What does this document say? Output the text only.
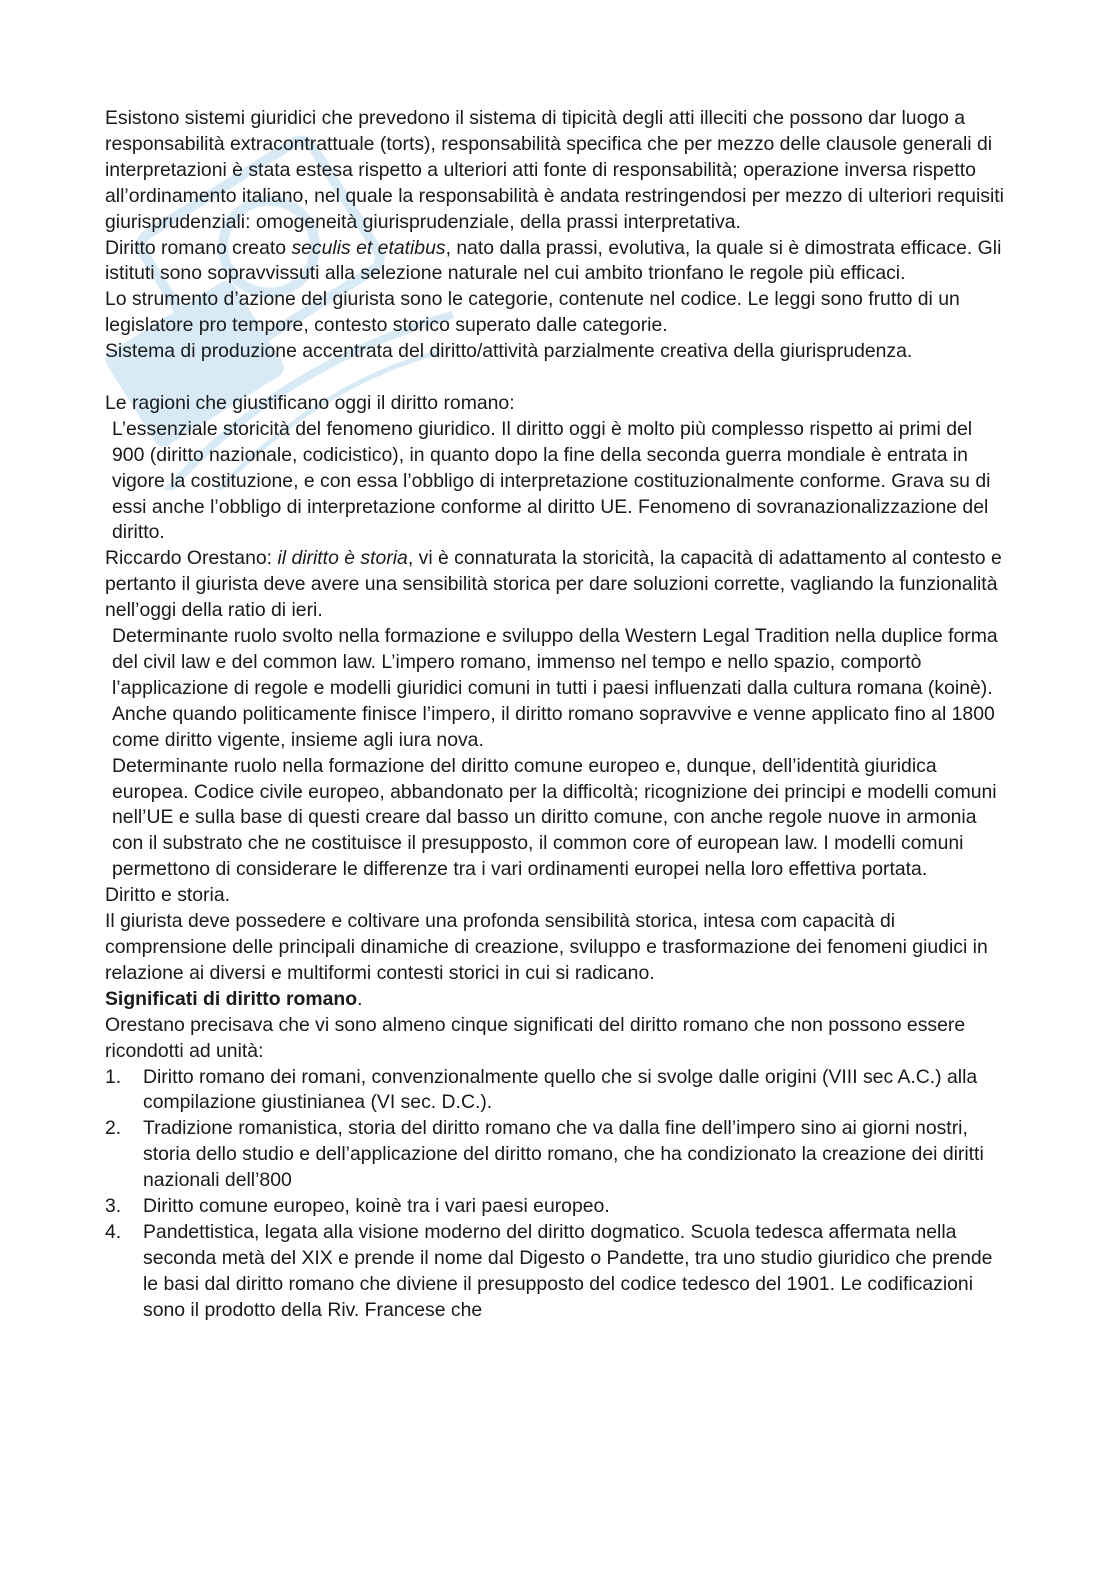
Esistono sistemi giuridici che prevedono il sistema di tipicità degli atti illeciti che possono dar luogo a responsabilità extracontrattuale (torts), responsabilità specifica che per mezzo delle clausole generali di interpretazioni è stata estesa rispetto a ulteriori atti fonte di responsabilità; operazione inversa rispetto all’ordinamento italiano, nel quale la responsabilità è andata restringendosi per mezzo di ulteriori requisiti giurisprudenziali: omogeneità giurisprudenziale, della prassi interpretativa.

Diritto romano creato seculis et etatibus, nato dalla prassi, evolutiva, la quale si è dimostrata efficace. Gli istituti sono sopravvissuti alla selezione naturale nel cui ambito trionfano le regole più efficaci.

Lo strumento d’azione del giurista sono le categorie, contenute nel codice. Le leggi sono frutto di un legislatore pro tempore, contesto storico superato dalle categorie.

Sistema di produzione accentrata del diritto/attività parzialmente creativa della giurisprudenza.

Le ragioni che giustificano oggi il diritto romano:

L’essenziale storicità del fenomeno giuridico. Il diritto oggi è molto più complesso rispetto ai primi del 900 (diritto nazionale, codicistico), in quanto dopo la fine della seconda guerra mondiale è entrata in vigore la costituzione, e con essa l’obbligo di interpretazione costituzionalmente conforme. Grava su di essi anche l’obbligo di interpretazione conforme al diritto UE. Fenomeno di sovranazionalizzazione del diritto.

Riccardo Orestano: il diritto è storia, vi è connaturata la storicità, la capacità di adattamento al contesto e pertanto il giurista deve avere una sensibilità storica per dare soluzioni corrette, vagliando la funzionalità nell’oggi della ratio di ieri.

Determinante ruolo svolto nella formazione e sviluppo della Western Legal Tradition nella duplice forma del civil law e del common law. L’impero romano, immenso nel tempo e nello spazio, comportò l’applicazione di regole e modelli giuridici comuni in tutti i paesi influenzati dalla cultura romana (koinè). Anche quando politicamente finisce l’impero, il diritto romano sopravvive e venne applicato fino al 1800 come diritto vigente, insieme agli iura nova.

Determinante ruolo nella formazione del diritto comune europeo e, dunque, dell’identità giuridica europea. Codice civile europeo, abbandonato per la difficoltà; ricognizione dei principi e modelli comuni nell’UE e sulla base di questi creare dal basso un diritto comune, con anche regole nuove in armonia con il substrato che ne costituisce il presupposto, il common core of european law. I modelli comuni permettono di considerare le differenze tra i vari ordinamenti europei nella loro effettiva portata.

Diritto e storia.

Il giurista deve possedere e coltivare una profonda sensibilità storica, intesa com capacità di comprensione delle principali dinamiche di creazione, sviluppo e trasformazione dei fenomeni giudici in relazione ai diversi e multiformi contesti storici in cui si radicano.

Significati di diritto romano.

Orestano precisava che vi sono almeno cinque significati del diritto romano che non possono essere ricondotti ad unità:

1. Diritto romano dei romani, convenzionalmente quello che si svolge dalle origini (VIII sec A.C.) alla compilazione giustinianea (VI sec. D.C.).
2. Tradizione romanistica, storia del diritto romano che va dalla fine dell’impero sino ai giorni nostri, storia dello studio e dell’applicazione del diritto romano, che ha condizionato la creazione dei diritti nazionali dell’800
3. Diritto comune europeo, koinè tra i vari paesi europeo.
4. Pandettistica, legata alla visione moderno del diritto dogmatico. Scuola tedesca affermata nella seconda metà del XIX e prende il nome dal Digesto o Pandette, tra uno studio giuridico che prende le basi dal diritto romano che diviene il presupposto del codice tedesco del 1901. Le codificazioni sono il prodotto della Riv. Francese che
